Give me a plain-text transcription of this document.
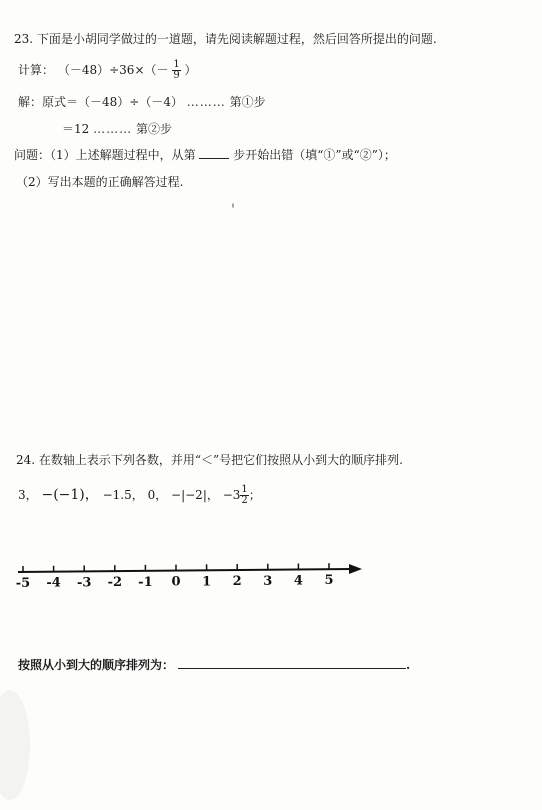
23. 下面是小胡同学做过的一道题，请先阅读解题过程，然后回答所提出的问题.
计算： $(-48)\div 36\times(- \frac{1}{9}$ ）
解：原式＝（－48）÷（－4） ……… 第①步
＝12 ……… 第②步
问题：（1）上述解题过程中，从第	步开始出错（填“①”或“②”）；
（2）写出本题的正确解答过程.
24. 在数轴上表示下列各数，并用“＜”号把它们按照从小到大的顺序排列.
3， −(−1)， −1.5， 0， −|−2|， $-3 \frac{1}{2}$ ；
-5 -4 -3 -2 -1 0 1 2 3 4 5
按照从小到大的顺序排列为：	.
